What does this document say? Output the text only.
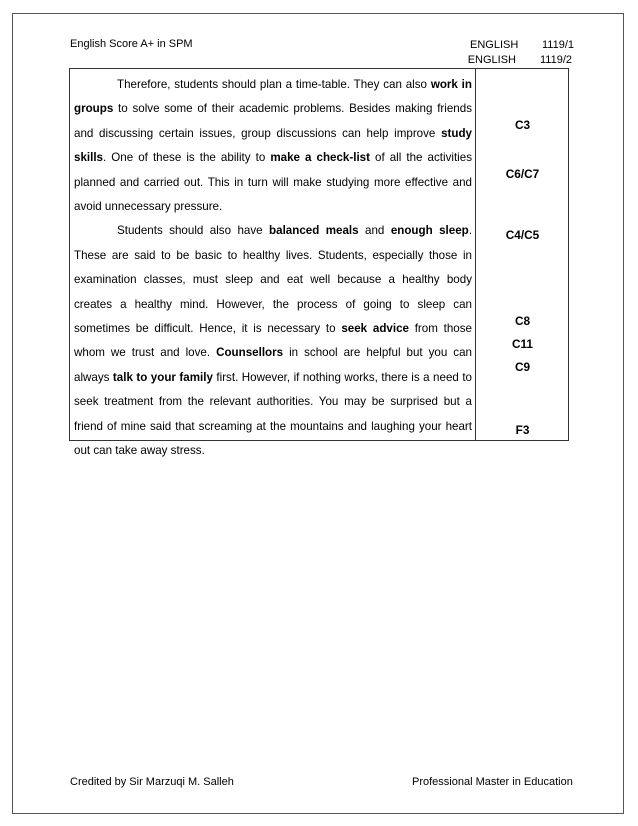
English Score A+ in SPM	ENGLISH 1119/1
ENGLISH 1119/2

Therefore, students should plan a time-table. They can also work in groups to solve some of their academic problems. Besides making friends and discussing certain issues, group discussions can help improve study skills. One of these is the ability to make a check-list of all the activities planned and carried out. This in turn will make studying more effective and avoid unnecessary pressure.

Students should also have balanced meals and enough sleep. These are said to be basic to healthy lives. Students, especially those in examination classes, must sleep and eat well because a healthy body creates a healthy mind. However, the process of going to sleep can sometimes be difficult. Hence, it is necessary to seek advice from those whom we trust and love. Counsellors in school are helpful but you can always talk to your family first. However, if nothing works, there is a need to seek treatment from the relevant authorities. You may be surprised but a friend of mine said that screaming at the mountains and laughing your heart out can take away stress.

C3
C6/C7
C4/C5
C8
C11
C9
F3
Credited by Sir Marzuqi M. Salleh	Professional Master in Education
